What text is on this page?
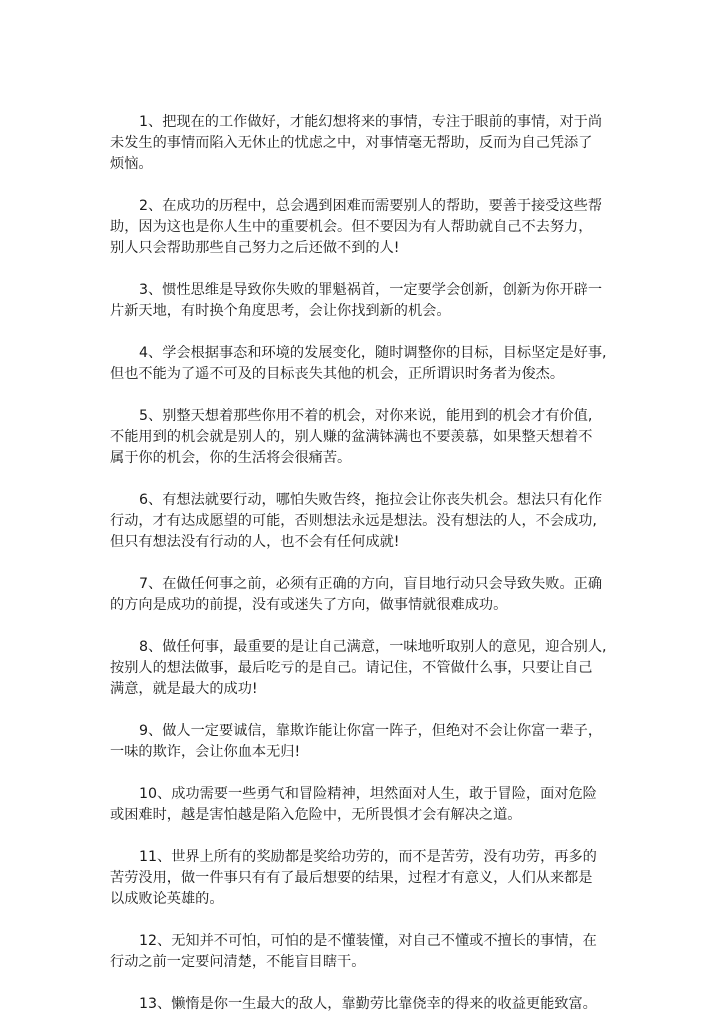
1、把现在的工作做好，才能幻想将来的事情，专注于眼前的事情，对于尚
未发生的事情而陷入无休止的忧虑之中，对事情毫无帮助，反而为自己凭添了
烦恼。

2、在成功的历程中，总会遇到困难而需要别人的帮助，要善于接受这些帮
助，因为这也是你人生中的重要机会。但不要因为有人帮助就自己不去努力，
别人只会帮助那些自己努力之后还做不到的人!

3、惯性思维是导致你失败的罪魁祸首，一定要学会创新，创新为你开辟一
片新天地，有时换个角度思考，会让你找到新的机会。

4、学会根据事态和环境的发展变化，随时调整你的目标，目标坚定是好事,
但也不能为了遥不可及的目标丧失其他的机会，正所谓识时务者为俊杰。

5、别整天想着那些你用不着的机会，对你来说，能用到的机会才有价值,
不能用到的机会就是别人的，别人赚的盆满钵满也不要羡慕，如果整天想着不
属于你的机会，你的生活将会很痛苦。

6、有想法就要行动，哪怕失败告终，拖拉会让你丧失机会。想法只有化作
行动，才有达成愿望的可能，否则想法永远是想法。没有想法的人，不会成功,
但只有想法没有行动的人，也不会有任何成就!

7、在做任何事之前，必须有正确的方向，盲目地行动只会导致失败。正确
的方向是成功的前提，没有或迷失了方向，做事情就很难成功。

8、做任何事，最重要的是让自己满意，一味地听取别人的意见，迎合别人,
按别人的想法做事，最后吃亏的是自己。请记住，不管做什么事，只要让自己
满意，就是最大的成功!

9、做人一定要诚信，靠欺诈能让你富一阵子，但绝对不会让你富一辈子，
一味的欺诈，会让你血本无归!

10、成功需要一些勇气和冒险精神，坦然面对人生，敢于冒险，面对危险
或困难时，越是害怕越是陷入危险中，无所畏惧才会有解决之道。

11、世界上所有的奖励都是奖给功劳的，而不是苦劳，没有功劳，再多的
苦劳没用，做一件事只有有了最后想要的结果，过程才有意义，人们从来都是
以成败论英雄的。

12、无知并不可怕，可怕的是不懂装懂，对自己不懂或不擅长的事情，在
行动之前一定要问清楚，不能盲目瞎干。

13、懒惰是你一生最大的敌人，靠勤劳比靠侥幸的得来的收益更能致富。
